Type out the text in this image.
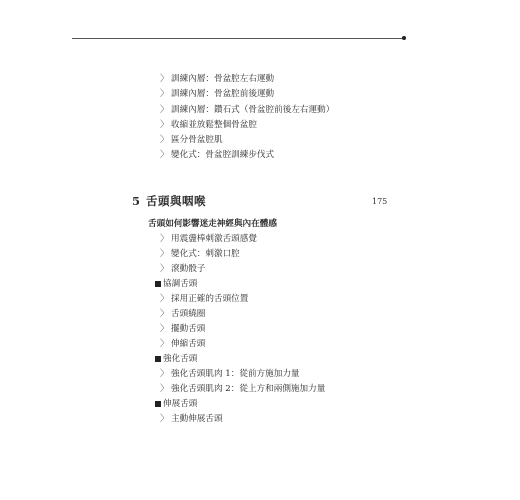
〉 訓練內層：骨盆腔左右運動
〉 訓練內層：骨盆腔前後運動
〉 訓練內層：鑽石式（骨盆腔前後左右運動）
〉 收縮並放鬆整個骨盆腔
〉 區分骨盆腔肌
〉 變化式：骨盆腔訓練步伐式
5 舌頭與咽喉	175
舌頭如何影響迷走神經與內在體感
〉 用震盪棒刺激舌頭感覺
〉 變化式：刺激口腔
〉 滾動骰子
協調舌頭
〉 採用正確的舌頭位置
〉 舌頭繞圈
〉 擺動舌頭
〉 伸縮舌頭
強化舌頭
〉 強化舌頭肌肉 1：從前方施加力量
〉 強化舌頭肌肉 2：從上方和兩側施加力量
伸展舌頭
〉 主動伸展舌頭
